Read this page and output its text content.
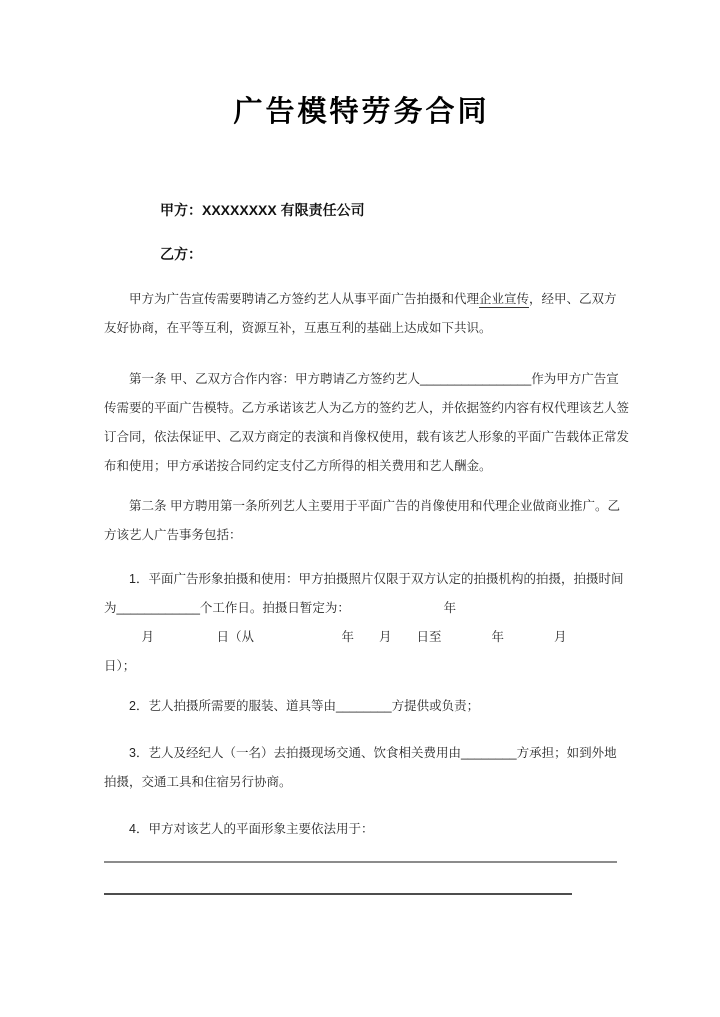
广告模特劳务合同

甲方：XXXXXXXX 有限责任公司

乙方：

甲方为广告宣传需要聘请乙方签约艺人从事平面广告拍摄和代理企业宣传，经甲、乙双方
友好协商，在平等互利，资源互补，互惠互利的基础上达成如下共识。
第一条 甲、乙双方合作内容：甲方聘请乙方签约艺人________________作为甲方广告宣
传需要的平面广告模特。乙方承诺该艺人为乙方的签约艺人，并依据签约内容有权代理该艺人签
订合同，依法保证甲、乙双方商定的表演和肖像权使用，载有该艺人形象的平面广告载体正常发
布和使用；甲方承诺按合同约定支付乙方所得的相关费用和艺人酬金。
第二条 甲方聘用第一条所列艺人主要用于平面广告的肖像使用和代理企业做商业推广。乙
方该艺人广告事务包括：
1．平面广告形象拍摄和使用：甲方拍摄照片仅限于双方认定的拍摄机构的拍摄，拍摄时间
为____________个工作日。拍摄日暂定为：　　　　　　　　年
　　　月　　　　　日（从　　　　　　　年　　月　　日至　　　　年　　　　月
日）；
2．艺人拍摄所需要的服装、道具等由________方提供或负责；
3．艺人及经纪人（一名）去拍摄现场交通、饮食相关费用由________方承担；如到外地
拍摄，交通工具和住宿另行协商。
4．甲方对该艺人的平面形象主要依法用于：
